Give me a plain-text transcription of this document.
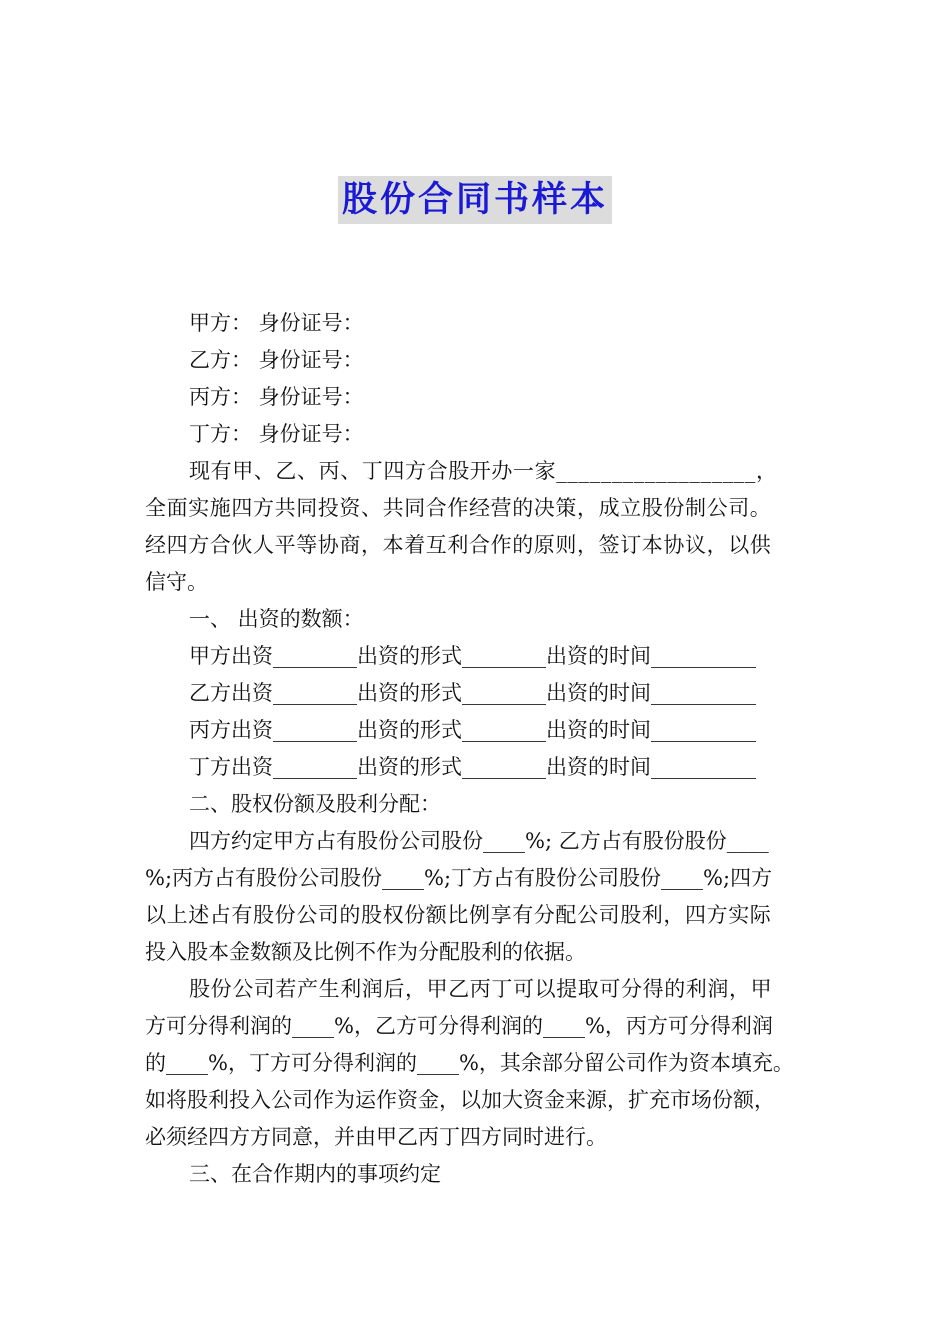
股份合同书样本

甲方： 身份证号：

乙方： 身份证号：

丙方： 身份证号：

丁方： 身份证号：

现有甲、乙、丙、丁四方合股开办一家__________________，

全面实施四方共同投资、共同合作经营的决策，成立股份制公司。

经四方合伙人平等协商，本着互利合作的原则，签订本协议，以供

信守。

一、 出资的数额：

甲方出资________出资的形式________出资的时间__________

乙方出资________出资的形式________出资的时间__________

丙方出资________出资的形式________出资的时间__________

丁方出资________出资的形式________出资的时间__________

二、股权份额及股利分配：

四方约定甲方占有股份公司股份____%; 乙方占有股份股份____

%;丙方占有股份公司股份____%;丁方占有股份公司股份____%;四方

以上述占有股份公司的股权份额比例享有分配公司股利，四方实际

投入股本金数额及比例不作为分配股利的依据。

股份公司若产生利润后，甲乙丙丁可以提取可分得的利润，甲

方可分得利润的____%，乙方可分得利润的____%，丙方可分得利润

的____%，丁方可分得利润的____%，其余部分留公司作为资本填充。

如将股利投入公司作为运作资金，以加大资金来源，扩充市场份额，

必须经四方方同意，并由甲乙丙丁四方同时进行。

三、在合作期内的事项约定
